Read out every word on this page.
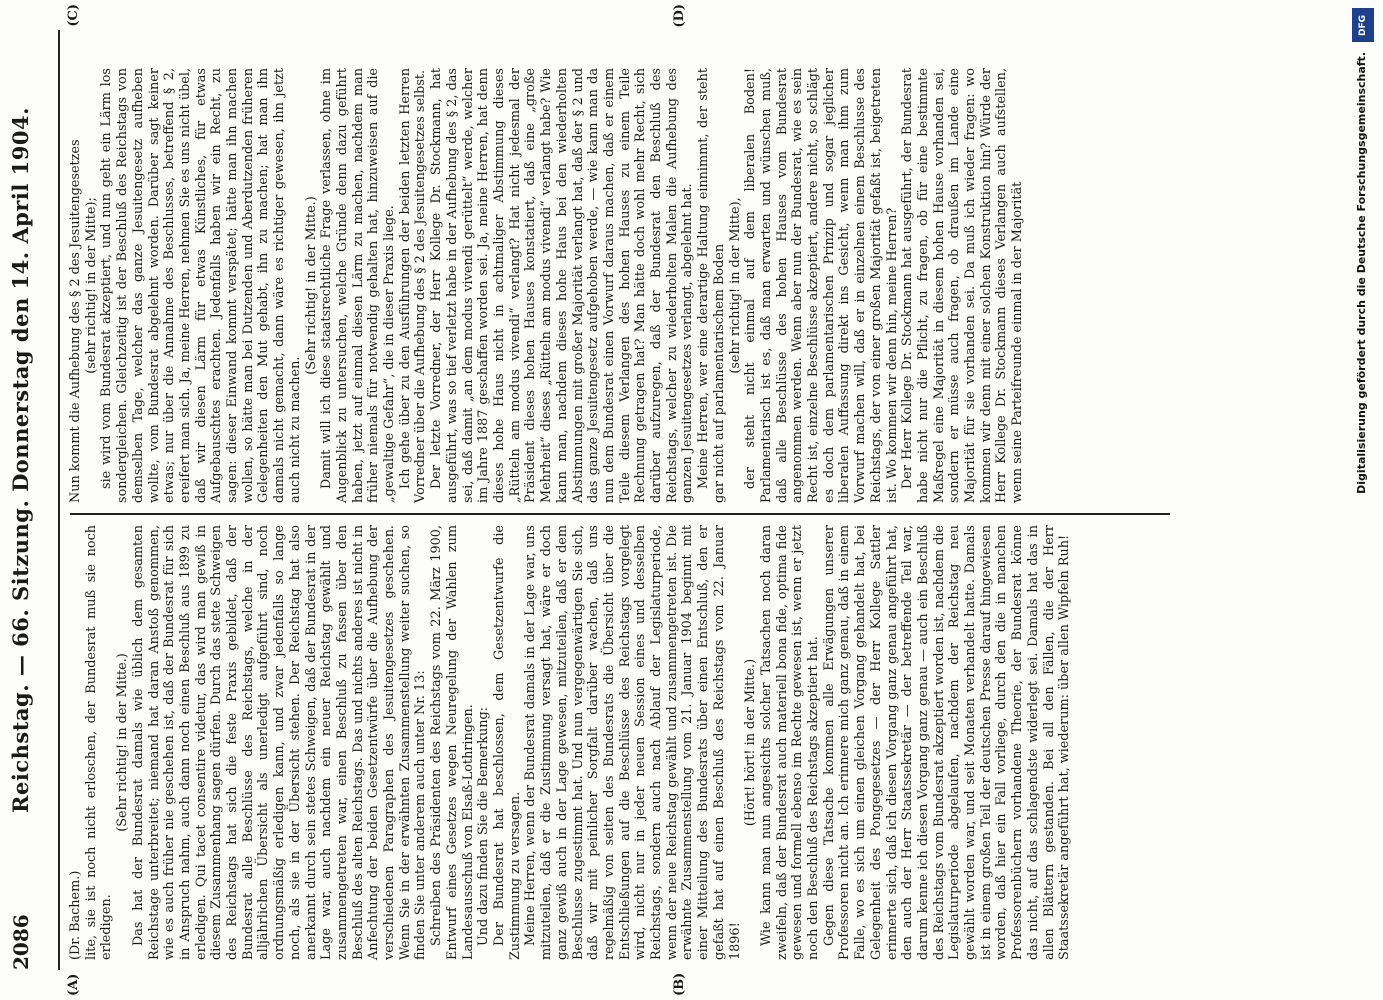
2086
Reichstag. — 66. Sitzung. Donnerstag den 14. April 1904.

(Dr. Bachem.) lite, sie ist noch nicht erloschen, der Bundesrat muß sie noch erledigen.

(Sehr richtig! in der Mitte.) Das hat der Bundesrat damals wie üblich dem gesamten Reichstage unterbreitet; niemand hat daran Anstoß genommen, wie es auch früher nie geschehen ist, daß der Bundesrat für sich in Anspruch nahm, auch dann noch einen Beschluß aus 1899 zu erledigen. Qui tacet consentire videtur, das wird man gewiß in diesem Zusammenhang sagen dürfen. Durch das stete Schweigen des Reichstags hat sich die feste Praxis gebildet, daß der Bundesrat alle Beschlüsse des Reichstags, welche in der alljährlichen Übersicht als unerledigt aufgeführt sind, noch ordnungsmäßig erledigen kann, und zwar jedenfalls so lange noch, als sie in der Übersicht stehen. Der Reichstag hat also anerkannt durch sein stetes Schweigen, daß der Bundesrat in der Lage war, auch nachdem ein neuer Reichstag gewählt und zusammengetreten war, einen Beschluß zu fassen über den Beschluß des alten Reichstags. Das und nichts anderes ist nicht in Anfechtung der beiden Gesetzentwürfe über die Aufhebung der verschiedenen Paragraphen des Jesuitengesetzes geschehen. Wenn Sie in der erwähnten Zusammenstellung weiter suchen, so finden Sie unter anderem auch unter Nr. 13: Schreiben des Präsidenten des Reichstags vom 22. März 1900, Entwurf eines Gesetzes wegen Neuregelung der Wahlen zum Landesausschuß von Elsaß-Lothringen. Und dazu finden Sie die Bemerkung: Der Bundesrat hat beschlossen, dem Gesetzentwurfe die Zustimmung zu versagen. Meine Herren, wenn der Bundesrat damals in der Lage war, uns mitzuteilen, daß er die Zustimmung versagt hat, wäre er doch ganz gewiß auch in der Lage gewesen, mitzuteilen, daß er dem Beschlusse zugestimmt hat. Und nun vergegenwärtigen Sie sich, daß wir mit peinlicher Sorgfalt darüber wachen, daß uns regelmäßig von seiten des Bundesrats die Übersicht über die Entschließungen auf die Beschlüsse des Reichstags vorgelegt wird, nicht nur in jeder neuen Session eines und desselben Reichstags, sondern auch nach Ablauf der Legislaturperiode, wenn der neue Reichstag gewählt und zusammengetreten ist. Die erwähnte Zusammenstellung vom 21. Januar 1904 beginnt mit einer Mitteilung des Bundesrats über einen Entschluß, den er gefaßt hat auf einen Beschluß des Reichstags vom 22. Januar 1896!

(Hört! hört! in der Mitte.) Wie kann man nun angesichts solcher Tatsachen noch daran zweifeln, daß der Bundesrat auch materiell bona fide, optima fide gewesen und formell ebenso im Rechte gewesen ist, wenn er jetzt noch den Beschluß des Reichstags akzeptiert hat. Gegen diese Tatsache kommen alle Erwägungen unserer Professoren nicht an. Ich erinnere mich ganz genau, daß in einem Falle, wo es sich um einen gleichen Vorgang gehandelt hat, bei Gelegenheit des Pongegesetzes — der Herr Kollege Sattler erinnerte sich, daß ich diesen Vorgang ganz genau angeführt hat, den auch der Herr Staatssekretär — der betreffende Teil war, darum kenne ich diesen Vorgang ganz genau — auch ein Beschluß des Reichstags vom Bundesrat akzeptiert worden ist, nachdem die Legislaturperiode abgelaufen, nachdem der Reichstag neu gewählt worden war, und seit Monaten verhandelt hatte. Damals ist in einem großen Teil der deutschen Presse darauf hingewiesen worden, daß hier ein Fall vorliege, durch den die in manchen Professorenbüchern vorhandene Theorie, der Bundesrat könne das nicht, auf das schlagendste widerlegt sei. Damals hat das in allen Blättern gestanden. Bei all den Fällen, die der Herr Staatssekretär angeführt hat, wiederum: über allen Wipfeln Ruh!

Nun kommt die Aufhebung des § 2 des Jesuitengesetzes (sehr richtig! in der Mitte); sie wird vom Bundesrat akzeptiert, und nun geht ein Lärm los sondergleichen. Gleichzeitig ist der Beschluß des Reichstags von demselben Tage, welcher das ganze Jesuitengesetz aufheben wollte, vom Bundesrat abgelehnt worden. Darüber sagt keiner etwas; nur über die Annahme des Beschlusses, betreffend § 2, ereifert man sich. Ja, meine Herren, nehmen Sie es uns nicht übel, daß wir diesen Lärm für etwas Künstliches, für etwas Aufgebauschtes erachten. Jedenfalls haben wir ein Recht, zu sagen: dieser Einwand kommt verspätet; hätte man ihn machen wollen, so hätte man bei Dutzenden und Aberdutzenden früheren Gelegenheiten den Mut gehabt, ihn zu machen; hat man ihn damals nicht gemacht, dann wäre es richtiger gewesen, ihn jetzt auch nicht zu machen.

(Sehr richtig! in der Mitte.) Damit will ich diese staatsrechtliche Frage verlassen, ohne im Augenblick zu untersuchen, welche Gründe denn dazu geführt haben, jetzt auf einmal diesen Lärm zu machen, nachdem man früher niemals für notwendig gehalten hat, hinzuweisen auf die „gewaltige Gefahr“, die in dieser Praxis liege. Ich gehe über zu den Ausführungen der beiden letzten Herren Vorredner über die Aufhebung des § 2 des Jesuitengesetzes selbst. Der letzte Vorredner, der Herr Kollege Dr. Stockmann, hat ausgeführt, was so tief verletzt habe in der Aufhebung des § 2, das sei, daß damit „an dem modus vivendi gerüttelt“ werde, welcher im Jahre 1887 geschaffen worden sei. Ja, meine Herren, hat denn dieses hohe Haus nicht in achtmaliger Abstimmung dieses „Rütteln am modus vivendi“ verlangt? Hat nicht jedesmal der Präsident dieses hohen Hauses konstatiert, daß eine „große Mehrheit“ dieses „Rütteln am modus vivendi“ verlangt habe? Wie kann man, nachdem dieses hohe Haus bei den wiederholten Abstimmungen mit großer Majorität verlangt hat, daß der § 2 und das ganze Jesuitengesetz aufgehoben werde, — wie kann man da nun dem Bundesrat einen Vorwurf daraus machen, daß er einem Teile diesem Verlangen des hohen Hauses zu einem Teile Rechnung getragen hat? Man hätte doch wohl mehr Recht, sich darüber aufzuregen, daß der Bundesrat den Beschluß des Reichstags, welcher zu wiederholten Malen die Aufhebung des ganzen Jesuitengesetzes verlangt, abgelehnt hat. Meine Herren, wer eine derartige Haltung einnimmt, der steht gar nicht auf parlamentarischem Boden (sehr richtig! in der Mitte), der steht nicht einmal auf dem liberalen Boden! Parlamentarisch ist es, daß man erwarten und wünschen muß, daß alle Beschlüsse des hohen Hauses vom Bundesrat angenommen werden. Wenn aber nun der Bundesrat, wie es sein Recht ist, einzelne Beschlüsse akzeptiert, andere nicht, so schlägt es doch dem parlamentarischen Prinzip und sogar jeglicher liberalen Auffassung direkt ins Gesicht, wenn man ihm zum Vorwurf machen will, daß er in einzelnen einem Beschlusse des Reichstags, der von einer großen Majorität gefaßt ist, beigetreten ist. Wo kommen wir denn hin, meine Herren? Der Herr Kollege Dr. Stockmann hat ausgeführt, der Bundesrat habe nicht nur die Pflicht, zu fragen, ob für eine bestimmte Maßregel eine Majorität in diesem hohen Hause vorhanden sei, sondern er müsse auch fragen, ob draußen im Lande eine Majorität für sie vorhanden sei. Da muß ich wieder fragen: wo kommen wir denn mit einer solchen Konstruktion hin? Würde der Herr Kollege Dr. Stockmann dieses Verlangen auch aufstellen, wenn seine Parteifreunde einmal in der Majorität

(A)	(B)
(C)	(D)	DFG
Digitalisierung gefördert durch die Deutsche Forschungsgemeinschaft.
